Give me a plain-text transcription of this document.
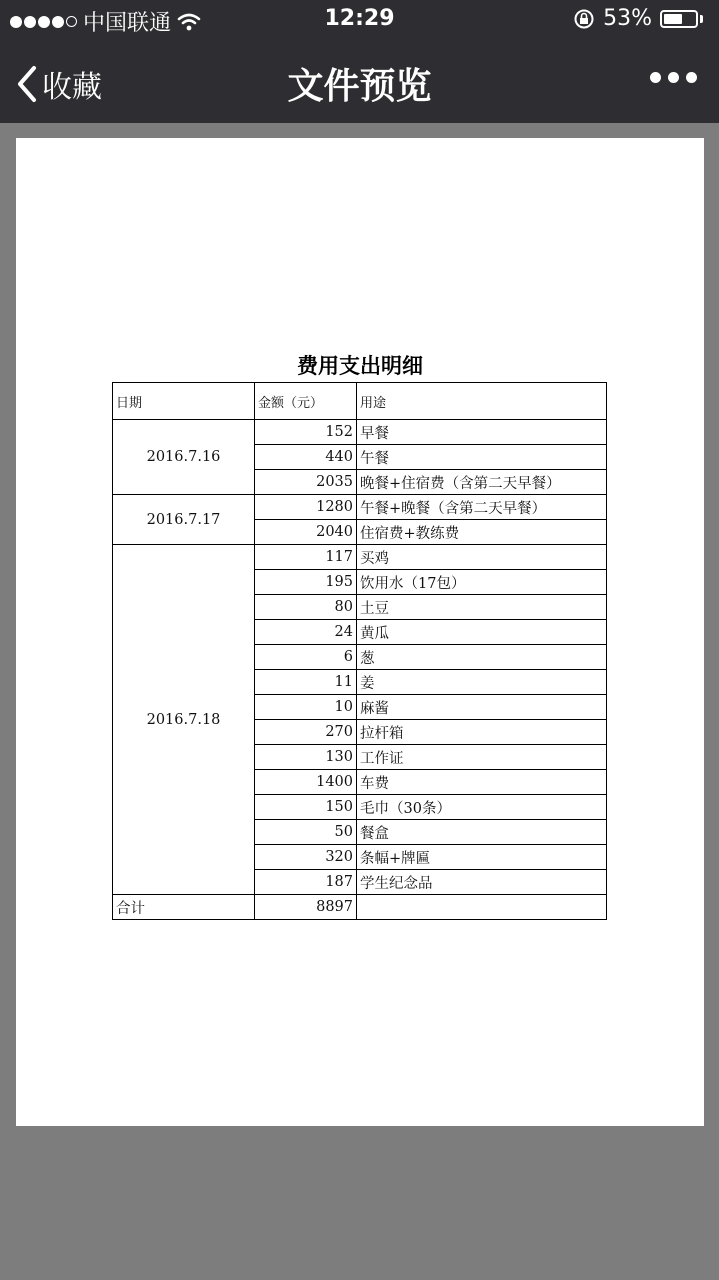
中国联通	12:29	53%
收藏	文件预览
费用支出明细
日期	金额（元）	用途
2016.7.16	152	早餐
	440	午餐
	2035	晚餐+住宿费（含第二天早餐）
2016.7.17	1280	午餐+晚餐（含第二天早餐）
	2040	住宿费+教练费
2016.7.18	117	买鸡
	195	饮用水（17包）
	80	土豆
	24	黄瓜
	6	葱
	11	姜
	10	麻酱
	270	拉杆箱
	130	工作证
	1400	车费
	150	毛巾（30条）
	50	餐盒
	320	条幅+牌匾
	187	学生纪念品
合计	8897	
